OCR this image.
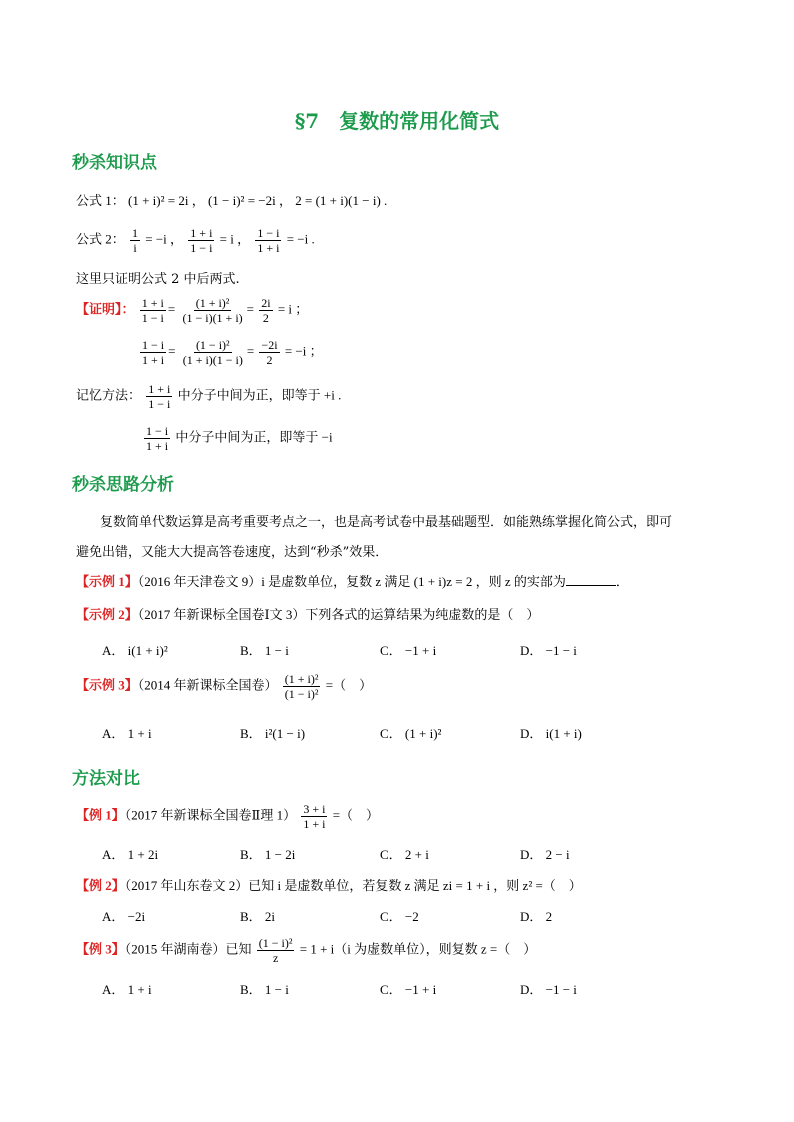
§7　复数的常用化简式
秒杀知识点
公式 1： (1 + i)² = 2i ， (1 − i)² = −2i ， 2 = (1 + i)(1 − i) .
公式 2： $\frac{1}{i} = -i$ ， $\frac{1 + i}{1 - i} = i$ ， $\frac{1 - i}{1 + i} = -i$ .
这里只证明公式 2 中后两式.
【证明】： $\frac{1 + i}{1 - i} = \frac{\text{(1 + i)²}}{(1 - i)(1 + i)} = \frac{2i}{2} = i$ ；
$\frac{1 - i}{1 + i} = \frac{\text{(1 − i)²}}{(1 + i)(1 - i)} = \frac{-2i}{2} = -i$ ；
记忆方法： $\frac{1 + i}{1 - i}$ 中分子中间为正，即等于 +i .
$\frac{1 - i}{1 + i}$ 中分子中间为正，即等于 −i
秒杀思路分析
复数简单代数运算是高考重要考点之一，也是高考试卷中最基础题型．如能熟练掌握化简公式，即可
避免出错，又能大大提高答卷速度，达到“秒杀”效果．
【示例 1】（2016 年天津卷文 9）i 是虚数单位，复数 z 满足 (1 + i)z = 2 ，则 z 的实部为	．
【示例 2】（2017 年新课标全国卷Ⅰ文 3）下列各式的运算结果为纯虚数的是（　）
A． i(1 + i)²	B． 1 − i	C． −1 + i	D． −1 − i
【示例 3】（2014 年新课标全国卷） $\frac{\text{(1 + i)²}}{\text{(1 − i)²}}$ =（　）
A． 1 + i	B． i²(1 − i)	C． (1 + i)²	D． i(1 + i)
方法对比
【例 1】（2017 年新课标全国卷Ⅱ理 $1) \frac{3 + i}{1 + i}$ =（　）
A． 1 + 2i	B． 1 − 2i	C． 2 + i	D． 2 − i
【例 2】（2017 年山东卷文 2）已知 i 是虚数单位，若复数 z 满足 zi = 1 + i ，则 z² =（　）
A． −2i	B． 2i	C． −2	D． 2
【例 3】（2015 年湖南卷）已知 $\frac{\text{(1 − i)²}}{z} = 1 + i(i$ 为虚数单位），则复数 z =（　）
A． 1 + i	B． 1 − i	C． −1 + i	D． −1 − i
